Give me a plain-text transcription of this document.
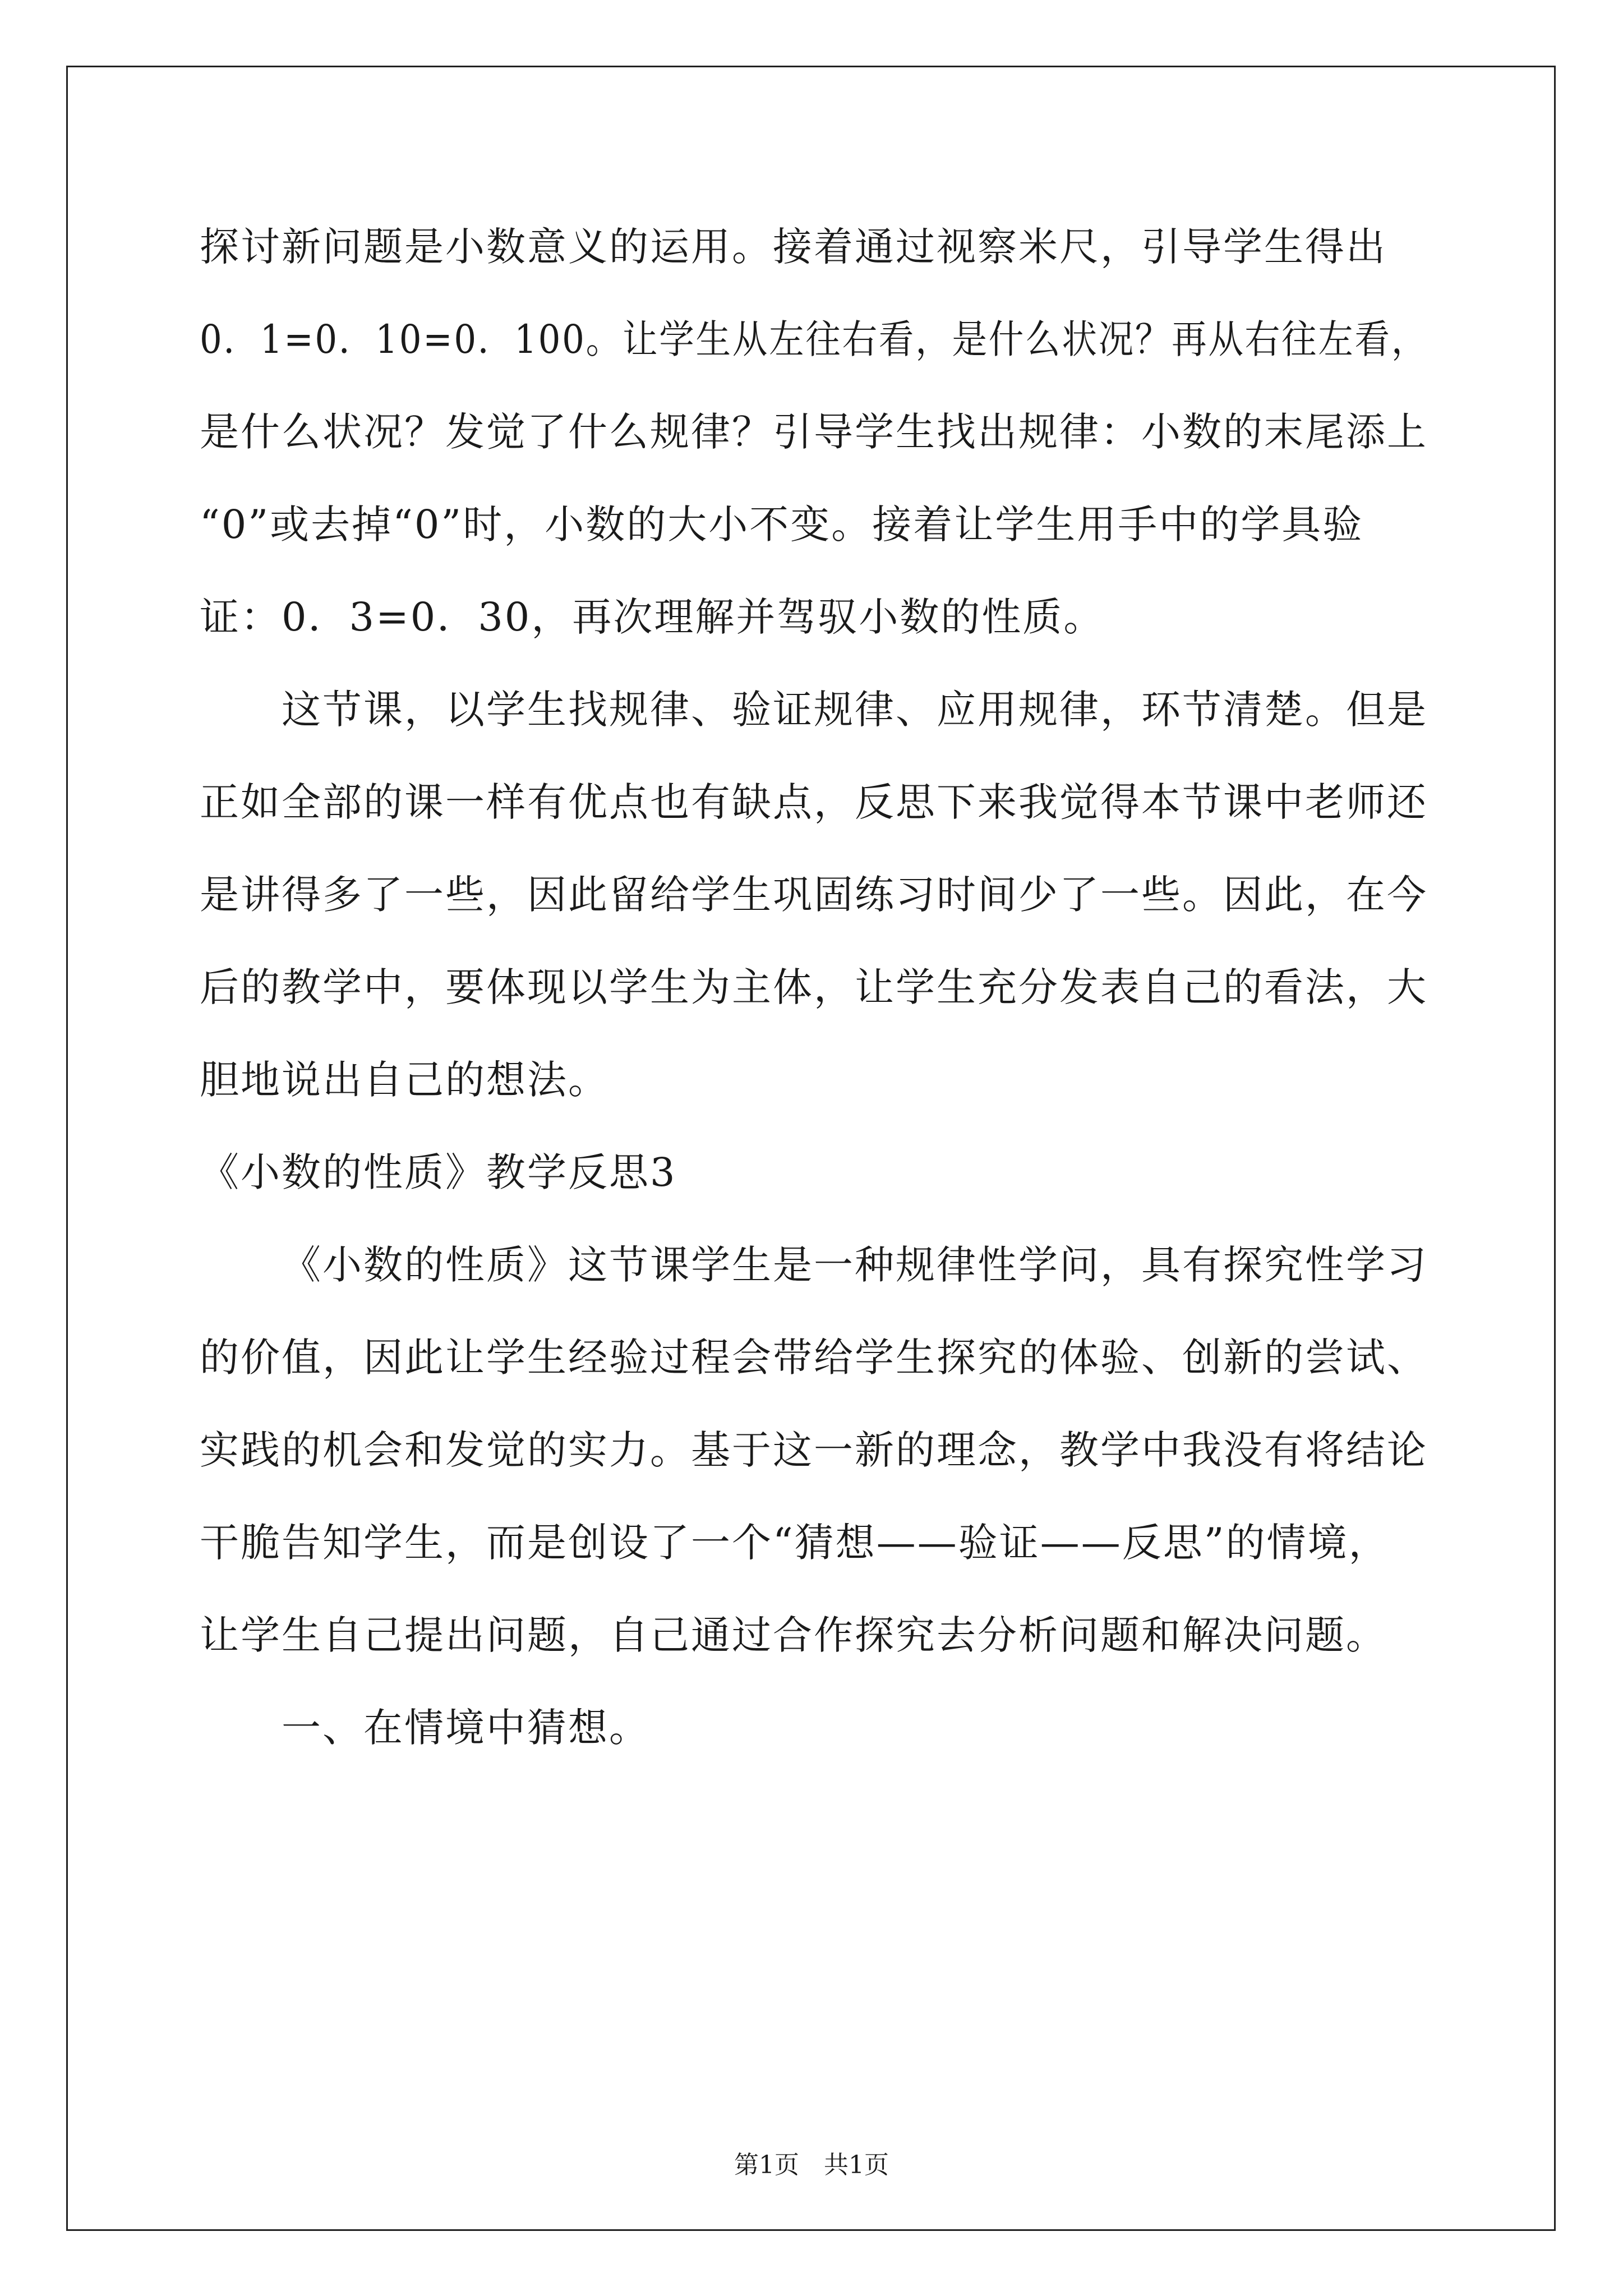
探讨新问题是小数意义的运用。接着通过视察米尺，引导学生得出
0．1=0．10=0．100。让学生从左往右看，是什么状况？再从右往左看，
是什么状况？发觉了什么规律？引导学生找出规律：小数的末尾添上
“0”或去掉“0”时，小数的大小不变。接着让学生用手中的学具验
证：0．3=0．30，再次理解并驾驭小数的性质。
这节课，以学生找规律、验证规律、应用规律，环节清楚。但是
正如全部的课一样有优点也有缺点，反思下来我觉得本节课中老师还
是讲得多了一些，因此留给学生巩固练习时间少了一些。因此，在今
后的教学中，要体现以学生为主体，让学生充分发表自己的看法，大
胆地说出自己的想法。
《小数的性质》教学反思3
《小数的性质》这节课学生是一种规律性学问，具有探究性学习
的价值，因此让学生经验过程会带给学生探究的体验、创新的尝试、
实践的机会和发觉的实力。基于这一新的理念，教学中我没有将结论
干脆告知学生，而是创设了一个“猜想——验证——反思”的情境，
让学生自己提出问题，自己通过合作探究去分析问题和解决问题。
一、在情境中猜想。
第1页　共1页
